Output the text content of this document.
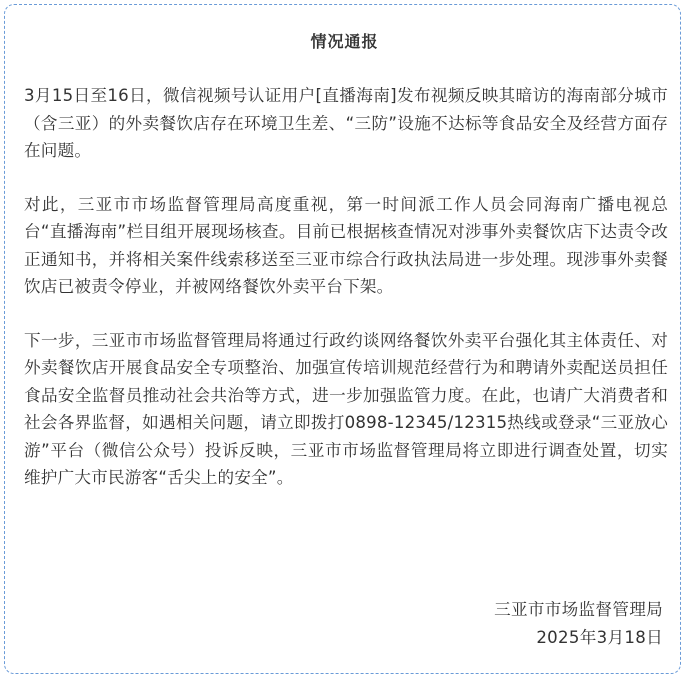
情况通报

3月15日至16日，微信视频号认证用户[直播海南]发布视频反映其暗访的海南部分城市（含三亚）的外卖餐饮店存在环境卫生差、“三防”设施不达标等食品安全及经营方面存在问题。

对此，三亚市市场监督管理局高度重视，第一时间派工作人员会同海南广播电视总台“直播海南”栏目组开展现场核查。目前已根据核查情况对涉事外卖餐饮店下达责令改正通知书，并将相关案件线索移送至三亚市综合行政执法局进一步处理。现涉事外卖餐饮店已被责令停业，并被网络餐饮外卖平台下架。

下一步，三亚市市场监督管理局将通过行政约谈网络餐饮外卖平台强化其主体责任、对外卖餐饮店开展食品安全专项整治、加强宣传培训规范经营行为和聘请外卖配送员担任食品安全监督员推动社会共治等方式，进一步加强监管力度。在此，也请广大消费者和社会各界监督，如遇相关问题，请立即拨打0898-12345/12315热线或登录“三亚放心游”平台（微信公众号）投诉反映，三亚市市场监督管理局将立即进行调查处置，切实维护广大市民游客“舌尖上的安全”。

三亚市市场监督管理局
2025年3月18日
